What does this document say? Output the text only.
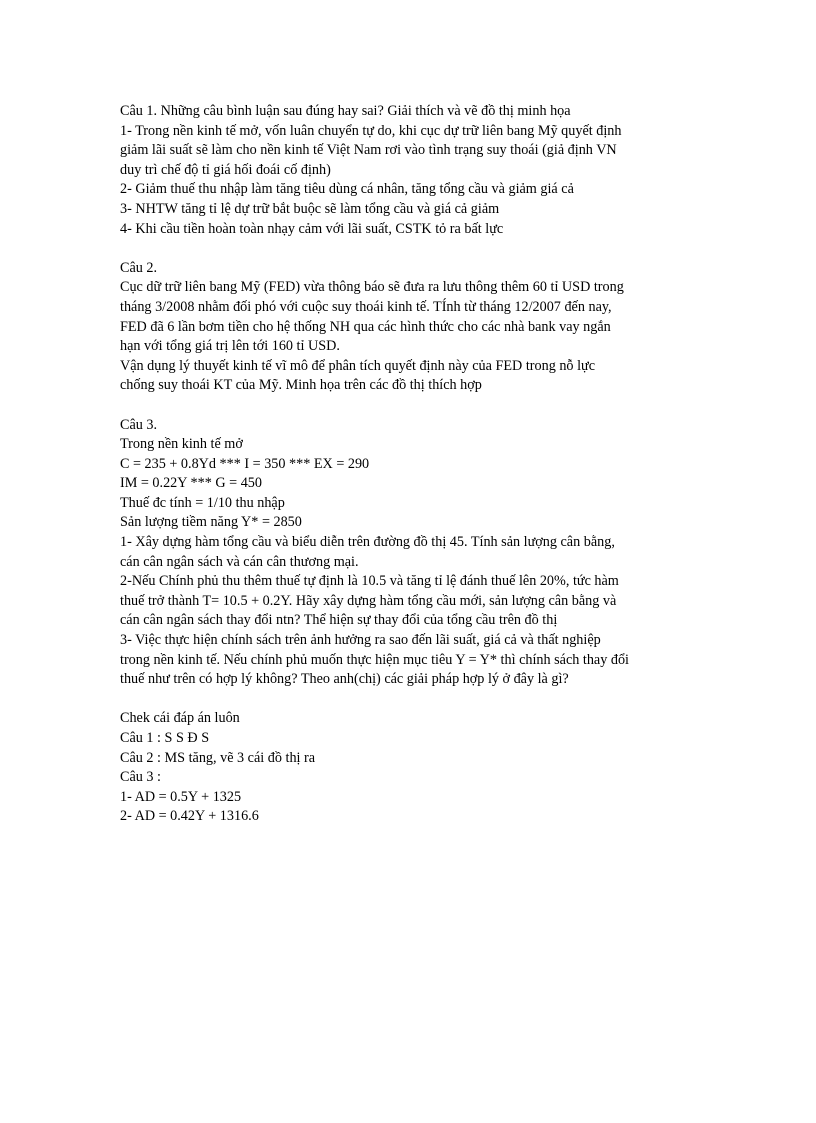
Câu 1. Những câu bình luận sau đúng hay sai? Giải thích và vẽ đồ thị minh họa
1- Trong nền kinh tế mở, vốn luân chuyển tự do, khi cục dự trữ liên bang Mỹ quyết định
giảm lãi suất sẽ làm cho nền kinh tế Việt Nam rơi vào tình trạng suy thoái (giả định VN
duy trì chế độ tỉ giá hối đoái cố định)
2- Giảm thuế thu nhập làm tăng tiêu dùng cá nhân, tăng tổng cầu và giảm giá cả
3- NHTW tăng tỉ lệ dự trữ bắt buộc sẽ làm tổng cầu và giá cả giảm
4- Khi cầu tiền hoàn toàn nhạy cảm với lãi suất, CSTK tỏ ra bất lực
Câu 2.
Cục dữ trữ liên bang Mỹ (FED) vừa thông báo sẽ đưa ra lưu thông thêm 60 tỉ USD trong
tháng 3/2008 nhằm đối phó với cuộc suy thoái kinh tế. TÍnh từ tháng 12/2007 đến nay,
FED đã 6 lần bơm tiền cho hệ thống NH qua các hình thức cho các nhà bank vay ngắn
hạn với tổng giá trị lên tới 160 tỉ USD.
Vận dụng lý thuyết kinh tế vĩ mô để phân tích quyết định này của FED trong nỗ lực
chống suy thoái KT của Mỹ. Minh họa trên các đồ thị thích hợp
Câu 3.
Trong nền kinh tế mở
C = 235 + 0.8Yd *** I = 350 *** EX = 290
IM = 0.22Y *** G = 450
Thuế đc tính = 1/10 thu nhập
Sản lượng tiềm năng Y* = 2850
1- Xây dựng hàm tổng cầu và biểu diễn trên đường đồ thị 45. Tính sản lượng cân bằng,
cán cân ngân sách và cán cân thương mại.
2-Nếu Chính phủ thu thêm thuế tự định là 10.5 và tăng tỉ lệ đánh thuế lên 20%, tức hàm
thuế trở thành T= 10.5 + 0.2Y. Hãy xây dựng hàm tổng cầu mới, sản lượng cân bằng và
cán cân ngân sách thay đổi ntn? Thể hiện sự thay đổi của tổng cầu trên đồ thị
3- Việc thực hiện chính sách trên ảnh hưởng ra sao đến lãi suất, giá cả và thất nghiệp
trong nền kinh tế. Nếu chính phủ muốn thực hiện mục tiêu Y = Y* thì chính sách thay đổi
thuế như trên có hợp lý không? Theo anh(chị) các giải pháp hợp lý ở đây là gì?
Chek cái đáp án luôn
Câu 1 : S S Đ S
Câu 2 : MS tăng, vẽ 3 cái đồ thị ra
Câu 3 :
1- AD = 0.5Y + 1325
2- AD = 0.42Y + 1316.6
